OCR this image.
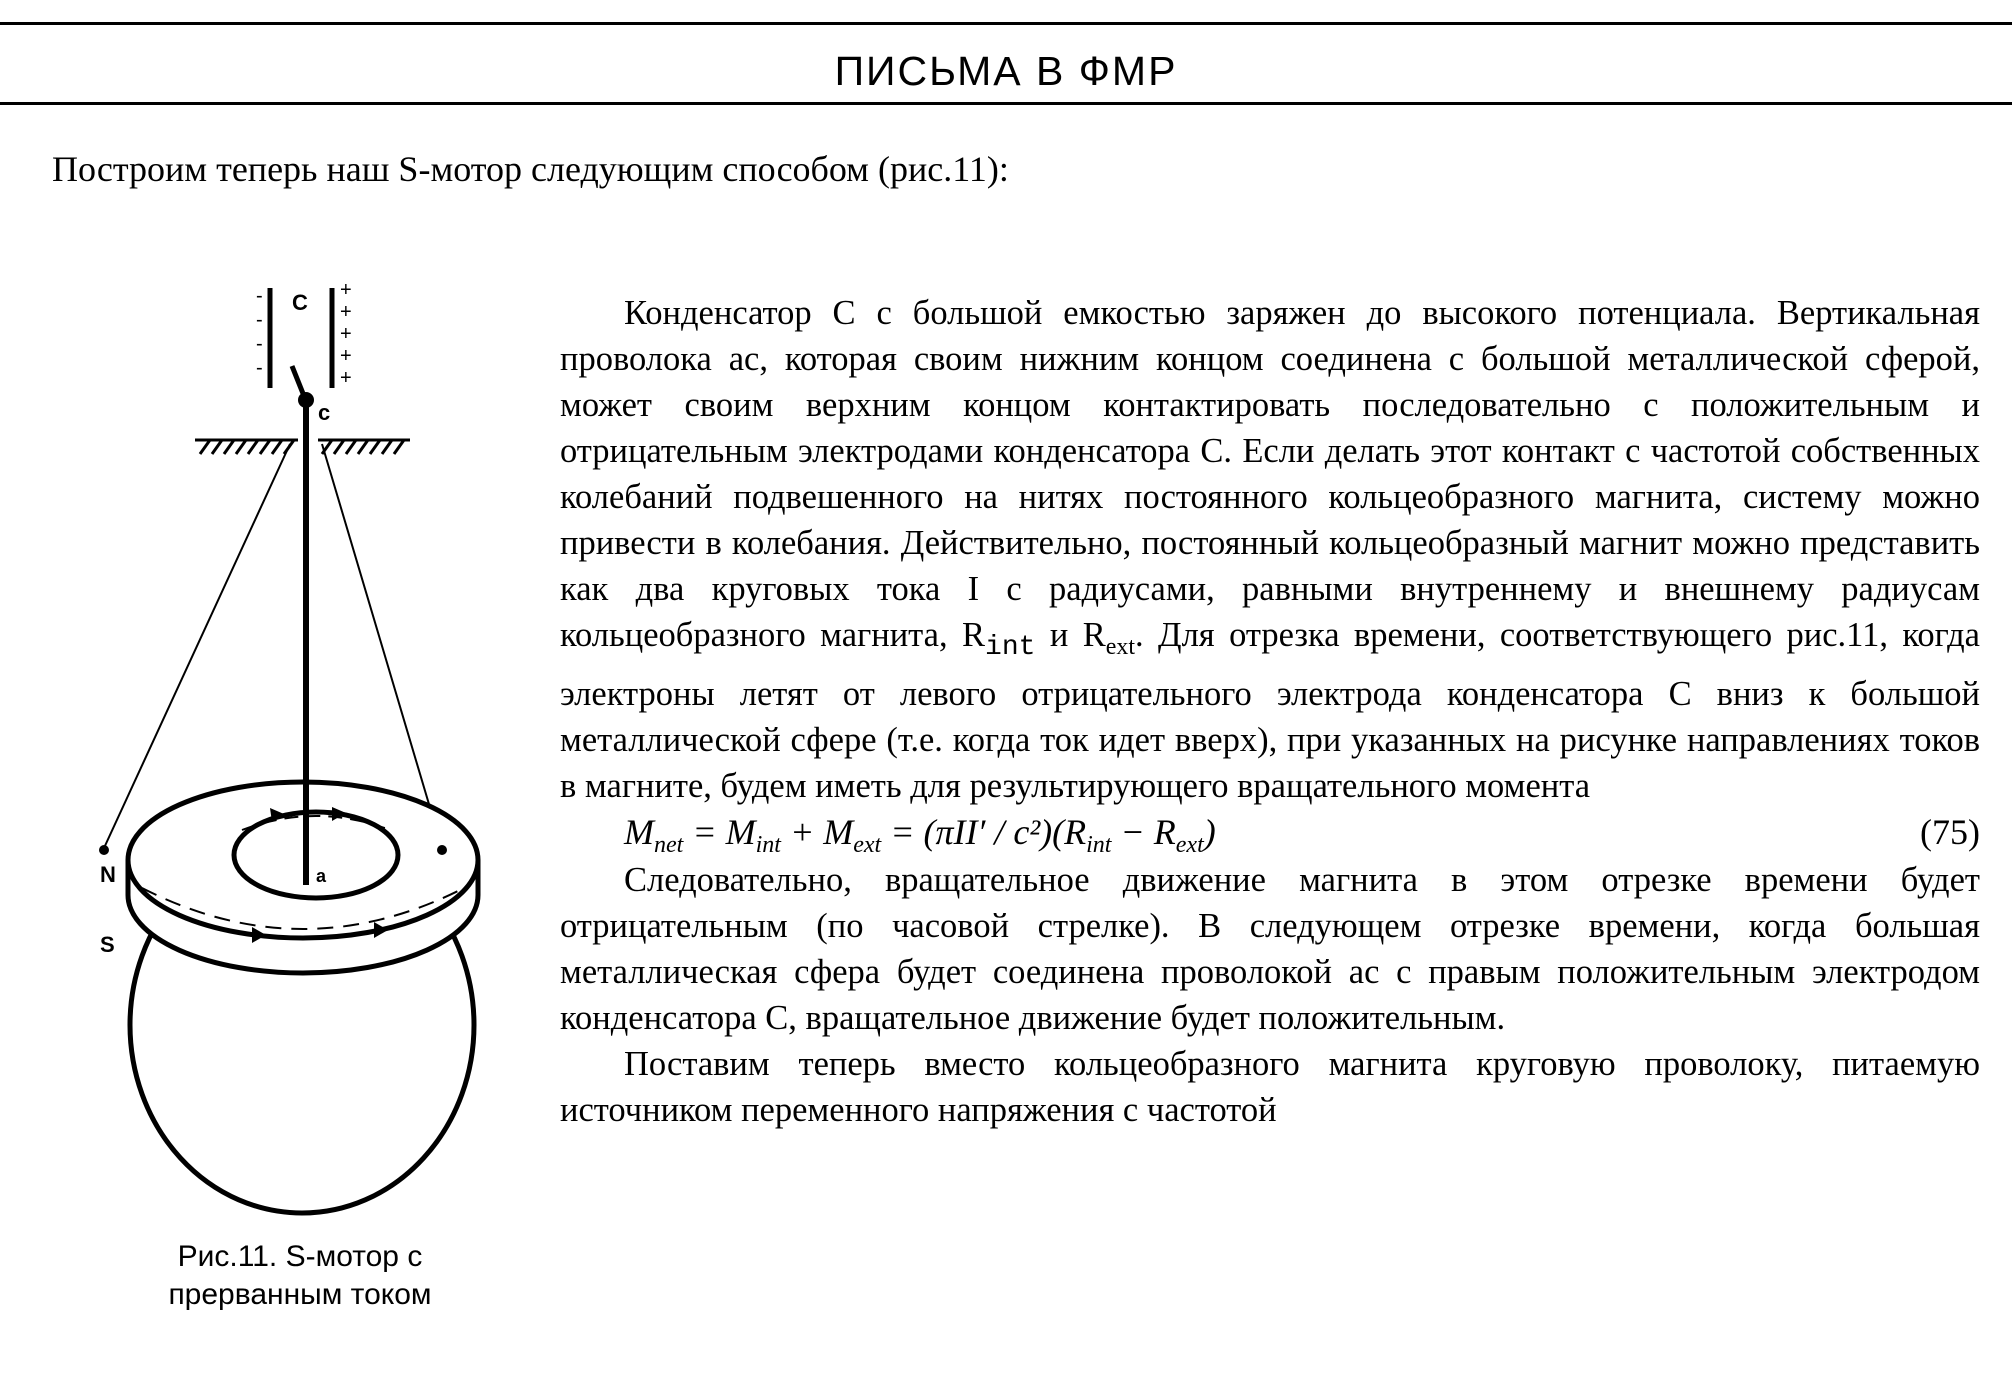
ПИСЬМА В ФМР
Построим теперь наш S-мотор следующим способом (рис.11):
C
-
-
-
-
+
+
+
+
+
c
a
N
S
Рис.11. S-мотор с
прерванным током

Конденсатор С с большой емкостью заряжен до высокого потенциала. Вертикальная проволока ас, которая своим нижним концом соединена с большой металлической сферой, может своим верхним концом контактировать последовательно с положительным и отрицательным электродами конденсатора С. Если делать этот контакт с частотой собственных колебаний подвешенного на нитях постоянного кольцеобразного магнита, систему можно привести в колебания. Действительно, постоянный кольцеобразный магнит можно представить как два круговых тока I с радиусами, равными внутреннему и внешнему радиусам кольцеобразного магнита, $R_{int}$ и $R_{ext}$. Для отрезка времени, соответствующего рис.11, когда электроны летят от левого отрицательного электрода конденсатора С вниз к большой металлической сфере (т.е. когда ток идет вверх), при указанных на рисунке направлениях токов в магните, будем иметь для результирующего вращательного момента

$M_{net} = M_{int} + M_{ext} = (\pi II' / c^2)(R_{int} - R_{ext})$	(75)

Следовательно, вращательное движение магнита в этом отрезке времени будет отрицательным (по часовой стрелке). В следующем отрезке времени, когда большая металлическая сфера будет соединена проволокой ас с правым положительным электродом конденсатора С, вращательное движение будет положительным.

Поставим теперь вместо кольцеобразного магнита круговую проволоку, питаемую источником переменного напряжения с частотой
